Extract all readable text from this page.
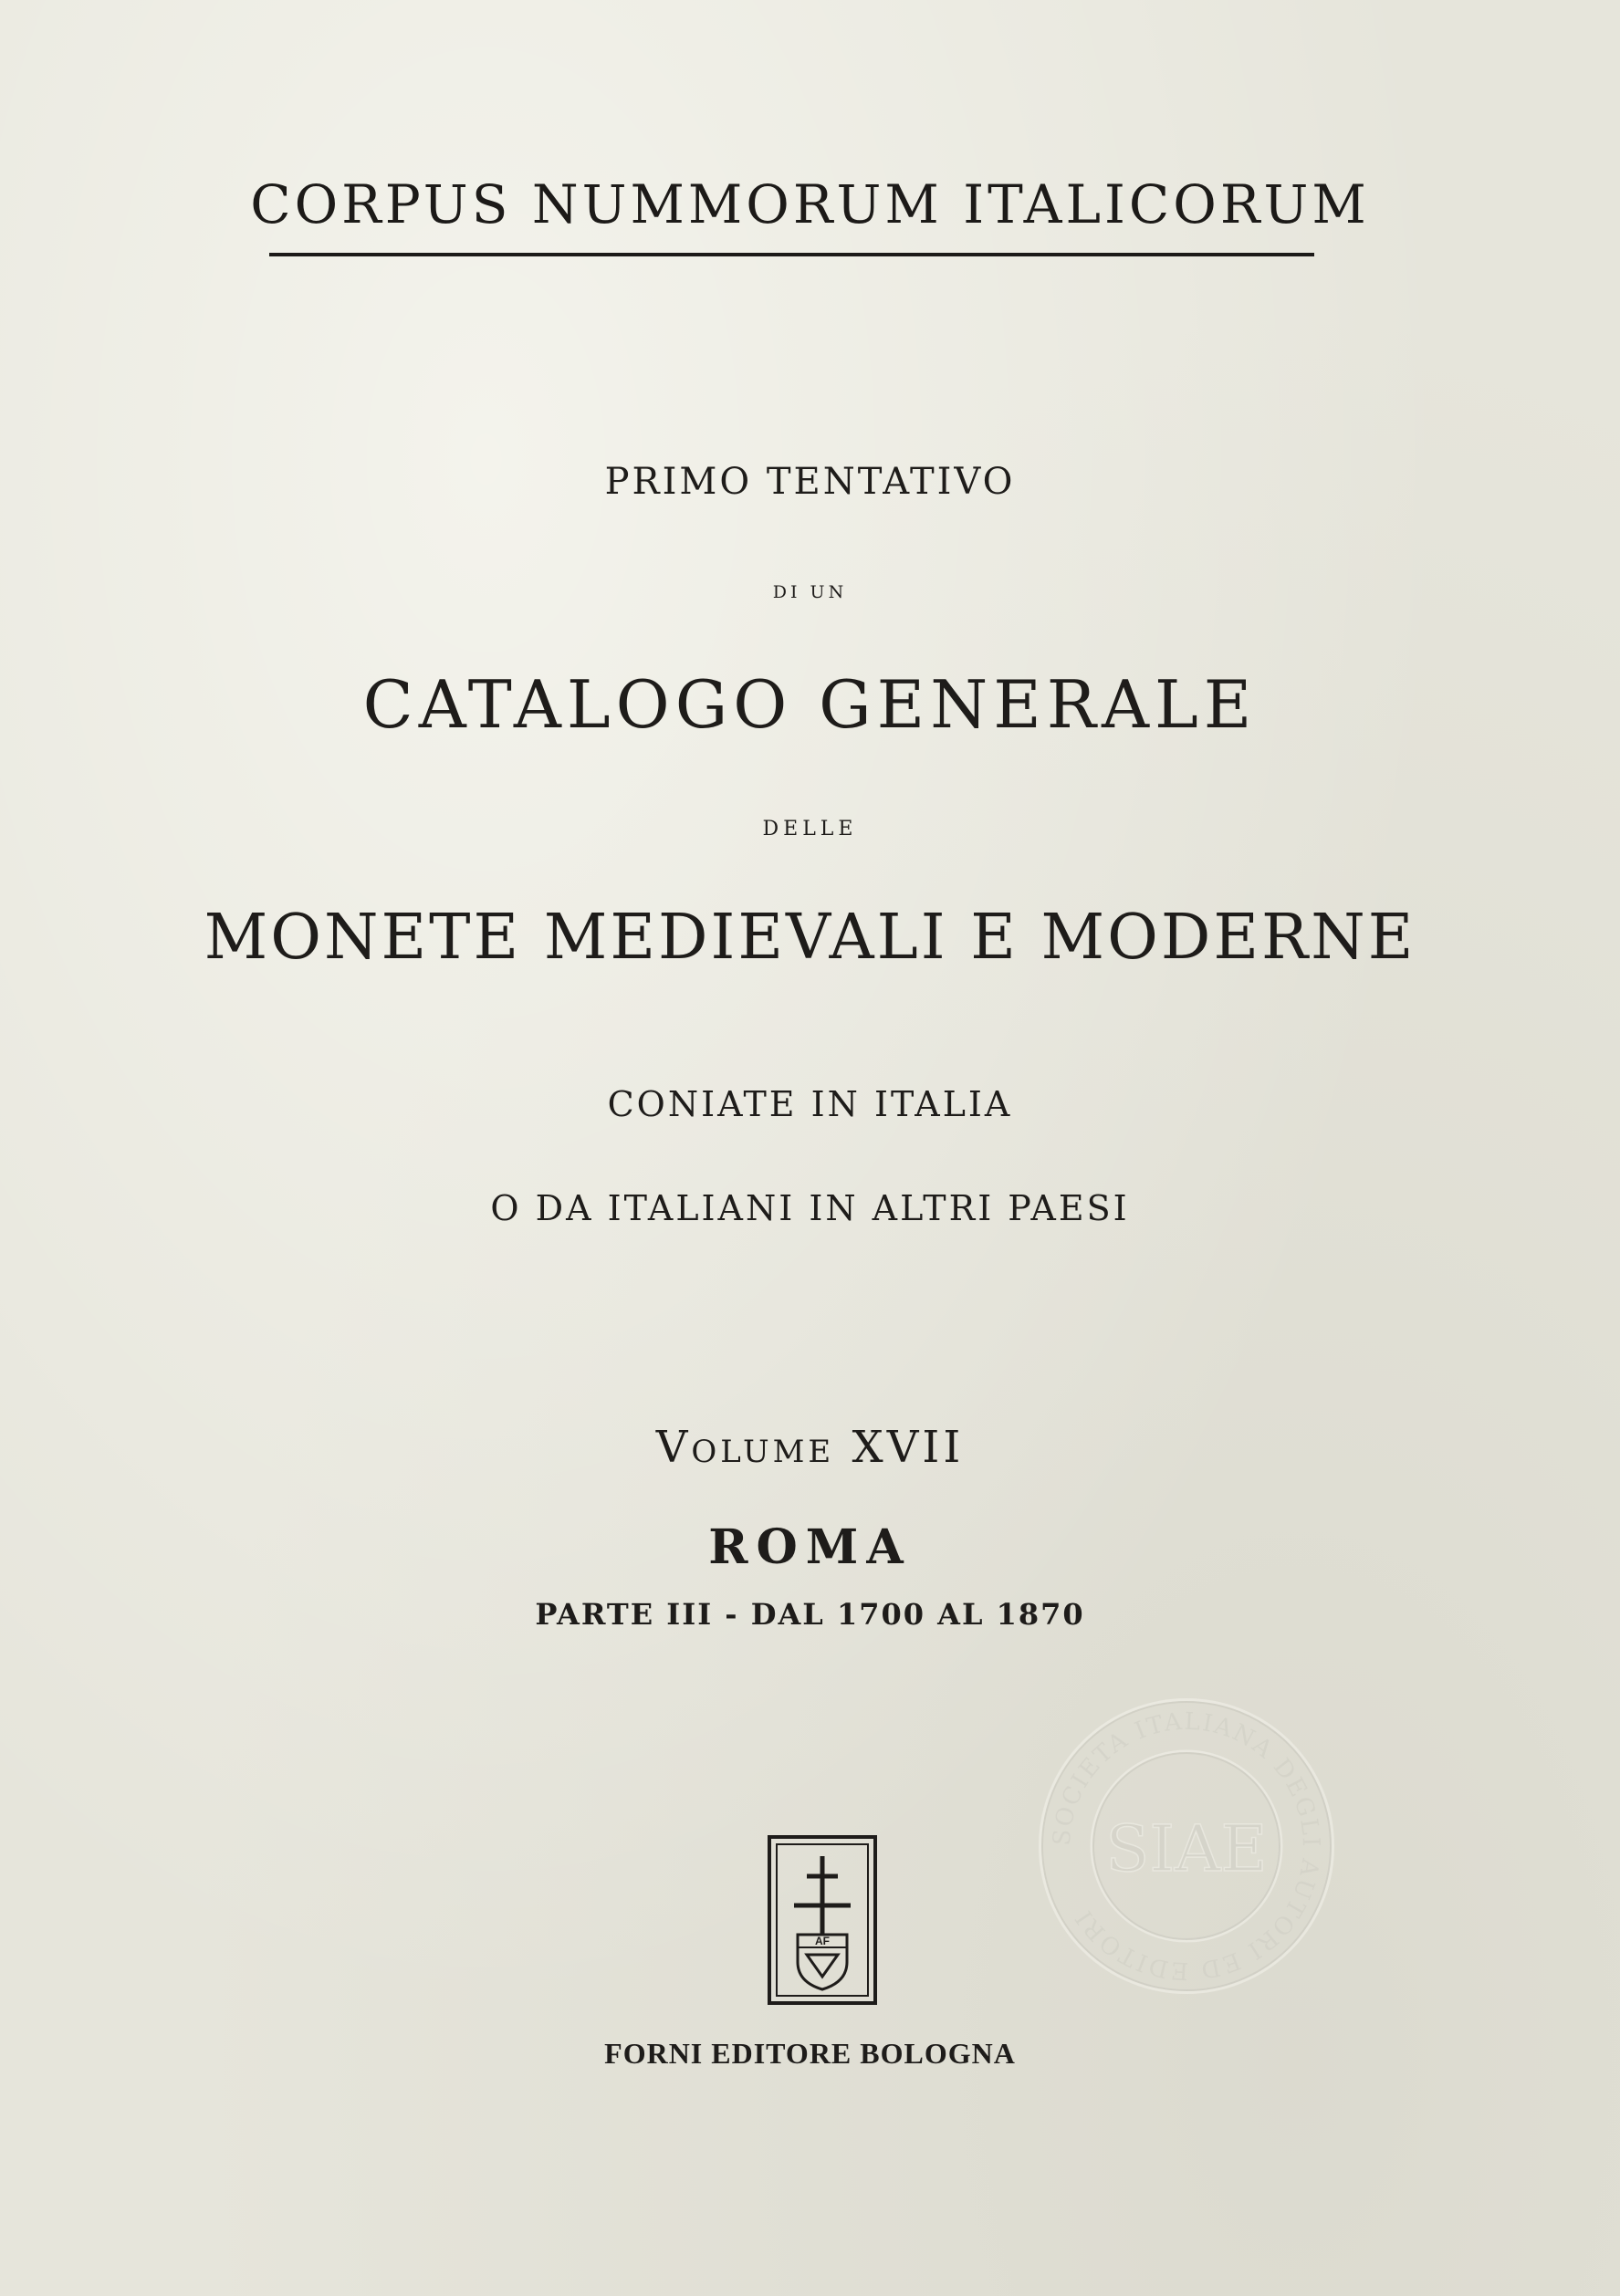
CORPUS NUMMORUM ITALICORUM
PRIMO TENTATIVO
DI UN
CATALOGO GENERALE
DELLE
MONETE MEDIEVALI E MODERNE
CONIATE IN ITALIA
O DA ITALIANI IN ALTRI PAESI
VOLUME XVII
ROMA
PARTE III - DAL 1700 AL 1870
AF
FORNI EDITORE BOLOGNA
SOCIETA ITALIANA DEGLI AUTORI ED EDITORI
SIAE
